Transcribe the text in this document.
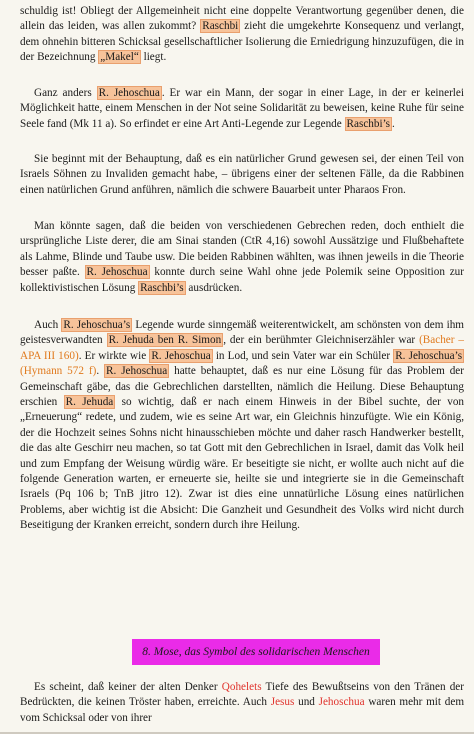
schuldig ist! Obliegt der Allgemeinheit nicht eine doppelte Verantwortung gegenüber denen, die allein das leiden, was allen zukommt? Raschbi zieht die umgekehrte Konsequenz und verlangt, dem ohnehin bitteren Schicksal gesellschaftlicher Isolierung die Erniedrigung hinzuzufügen, die in der Bezeichnung „Makel“ liegt.

Ganz anders R. Jehoschua . Er war ein Mann, der sogar in einer Lage, in der er keinerlei Möglichkeit hatte, einem Menschen in der Not seine Solidarität zu beweisen, keine Ruhe für seine Seele fand (Mk 11 a). So erfindet er eine Art Anti-Legende zur Legende Raschbi’s .

Sie beginnt mit der Behauptung, daß es ein natürlicher Grund gewesen sei, der einen Teil von Israels Söhnen zu Invaliden gemacht habe, – übrigens einer der seltenen Fälle, da die Rabbinen einen natürlichen Grund anführen, nämlich die schwere Bauarbeit unter Pharaos Fron.

Man könnte sagen, daß die beiden von verschiedenen Gebrechen reden, doch enthielt die ursprüngliche Liste derer, die am Sinai standen (CtR 4,16) sowohl Aussätzige und Flußbehaftete als Lahme, Blinde und Taube usw. Die beiden Rabbinen wählten, was ihnen jeweils in die Theorie besser paßte. R. Jehoschua konnte durch seine Wahl ohne jede Polemik seine Opposition zur kollektivistischen Lösung Raschbi’s ausdrücken.

Auch R. Jehoschua’s Legende wurde sinngemäß weiterentwickelt, am schönsten von dem ihm geistesverwandten R. Jehuda ben R. Simon , der ein berühmter Gleichniserzähler war (Bacher – APA III 160). Er wirkte wie R. Jehoschua in Lod, und sein Vater war ein Schüler R. Jehoschua’s (Hymann 572 f). R. Jehoschua hatte behauptet, daß es nur eine Lösung für das Problem der Gemeinschaft gäbe, das die Gebrechlichen darstellten, nämlich die Heilung. Diese Behauptung erschien R. Jehuda so wichtig, daß er nach einem Hinweis in der Bibel suchte, der von „Erneuerung“ redete, und zudem, wie es seine Art war, ein Gleichnis hinzufügte. Wie ein König, der die Hochzeit seines Sohns nicht hinausschieben möchte und daher rasch Handwerker bestellt, die das alte Geschirr neu machen, so tat Gott mit den Gebrechlichen in Israel, damit das Volk heil und zum Empfang der Weisung würdig wäre. Er beseitigte sie nicht, er wollte auch nicht auf die folgende Generation warten, er erneuerte sie, heilte sie und integrierte sie in die Gemeinschaft Israels (Pq 106 b; TnB jitro 12). Zwar ist dies eine unnatürliche Lösung eines natürlichen Problems, aber wichtig ist die Absicht: Die Ganzheit und Gesundheit des Volks wird nicht durch Beseitigung der Kranken erreicht, sondern durch ihre Heilung.

8. Mose, das Symbol des solidarischen Menschen

Es scheint, daß keiner der alten Denker Qohelets Tiefe des Bewußtseins von den Tränen der Bedrückten, die keinen Tröster haben, erreichte. Auch Jesus und Jehoschua waren mehr mit dem vom Schicksal oder von ihrer
